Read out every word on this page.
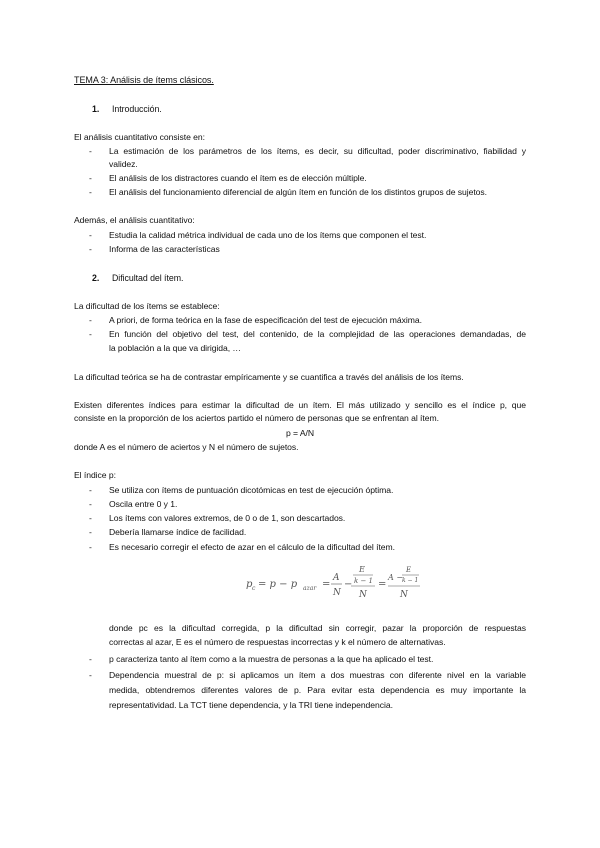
TEMA 3: Análisis de ítems clásicos.
1. Introducción.
El análisis cuantitativo consiste en:
- La estimación de los parámetros de los ítems, es decir, su dificultad, poder discriminativo, fiabilidad y
validez.
- El análisis de los distractores cuando el ítem es de elección múltiple.
- El análisis del funcionamiento diferencial de algún ítem en función de los distintos grupos de sujetos.
Además, el análisis cuantitativo:
- Estudia la calidad métrica individual de cada uno de los ítems que componen el test.
- Informa de las características
2. Dificultad del ítem.
La dificultad de los ítems se establece:
- A priori, de forma teórica en la fase de especificación del test de ejecución máxima.
- En función del objetivo del test, del contenido, de la complejidad de las operaciones demandadas, de
la población a la que va dirigida, …
La dificultad teórica se ha de contrastar empíricamente y se cuantifica a través del análisis de los ítems.
Existen diferentes índices para estimar la dificultad de un ítem. El más utilizado y sencillo es el índice p, que
consiste en la proporción de los aciertos partido el número de personas que se enfrentan al ítem.
p = A/N
donde A es el número de aciertos y N el número de sujetos.
El índice p:
- Se utiliza con ítems de puntuación dicotómicas en test de ejecución óptima.
- Oscila entre 0 y 1.
- Los ítems con valores extremos, de 0 o de 1, son descartados.
- Debería llamarse índice de facilidad.
- Es necesario corregir el efecto de azar en el cálculo de la dificultad del ítem.
p c = p − p azar =
A
N
−
E
k − 1
N
=
A −
E
k − 1
N
donde pc es la dificultad corregida, p la dificultad sin corregir, pazar la proporción de respuestas
correctas al azar, E es el número de respuestas incorrectas y k el número de alternativas.
- p caracteriza tanto al ítem como a la muestra de personas a la que ha aplicado el test.
- Dependencia muestral de p: si aplicamos un ítem a dos muestras con diferente nivel en la variable
medida, obtendremos diferentes valores de p. Para evitar esta dependencia es muy importante la
representatividad. La TCT tiene dependencia, y la TRI tiene independencia.
